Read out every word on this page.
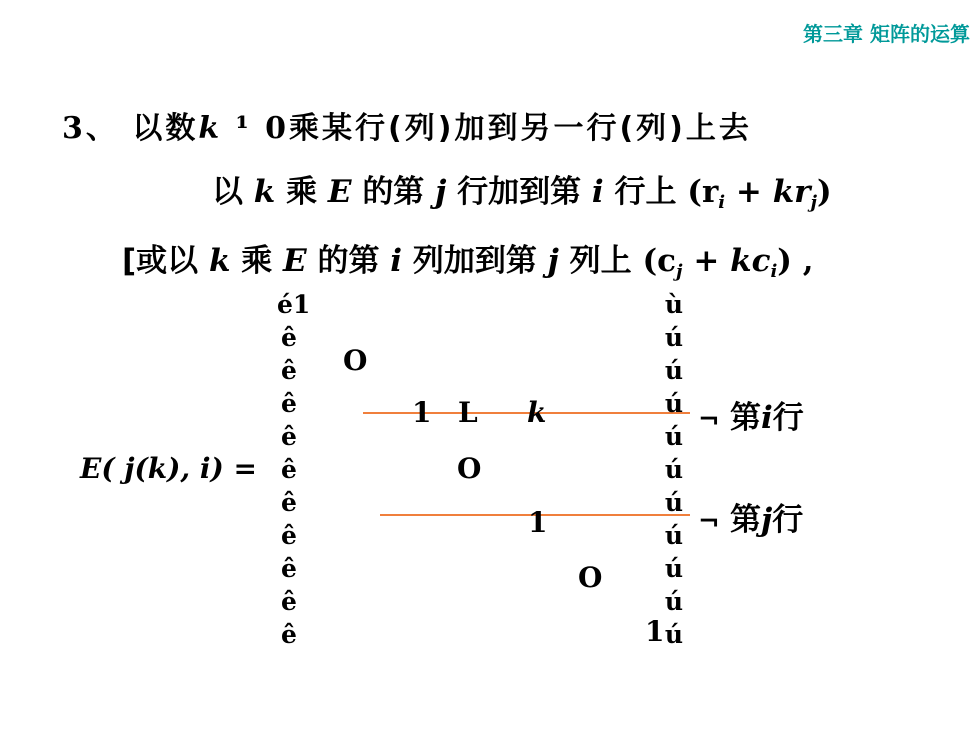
第三章 矩阵的运算
3、 以数k ¹ 0乘某行(列)加到另一行(列)上去
以 k 乘 E 的第 j 行加到第 i 行上 $(r_i + kr_j)$
[或以 k 乘 E 的第 i 列加到第 j 列上 $(c_j + kc_i)$ ,
E( j(k), i) =
é1
ê
ê
ê
ê
ê
ê
ê
ê
ê
ê
ù
ú
ú
ú
ú
ú
ú
ú
ú
ú
ú
O
1 L k
O
1
O
1
¬ 第i行
¬ 第j行
